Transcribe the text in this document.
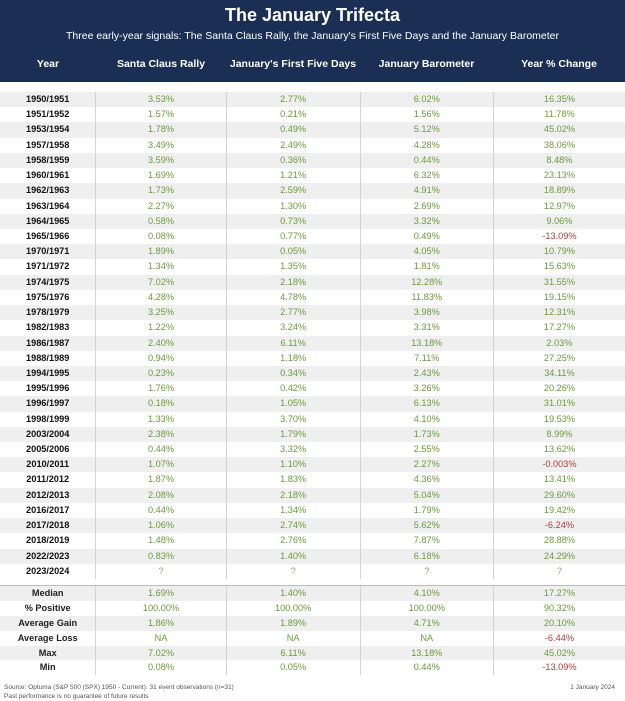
The January Trifecta
Three early-year signals: The Santa Claus Rally, the January's First Five Days and the January Barometer
Year	Santa Claus Rally	January's First Five Days	January Barometer	Year % Change
1950/1951	3.53%	2.77%	6.02%	16.35%
1951/1952	1.57%	0.21%	1.56%	11.78%
1953/1954	1.78%	0.49%	5.12%	45.02%
1957/1958	3.49%	2.49%	4.28%	38.06%
1958/1959	3.59%	0.36%	0.44%	8.48%
1960/1961	1.69%	1.21%	6.32%	23.13%
1962/1963	1.73%	2.59%	4.91%	18.89%
1963/1964	2.27%	1.30%	2.69%	12.97%
1964/1965	0.58%	0.73%	3.32%	9.06%
1965/1966	0.08%	0.77%	0.49%	-13.09%
1970/1971	1.89%	0.05%	4.05%	10.79%
1971/1972	1.34%	1.35%	1.81%	15.63%
1974/1975	7.02%	2.18%	12.28%	31.55%
1975/1976	4.28%	4.78%	11.83%	19.15%
1978/1979	3.25%	2.77%	3.98%	12.31%
1982/1983	1.22%	3.24%	3.31%	17.27%
1986/1987	2.40%	6.11%	13.18%	2.03%
1988/1989	0.94%	1.18%	7.11%	27.25%
1994/1995	0.23%	0.34%	2.43%	34.11%
1995/1996	1.76%	0.42%	3.26%	20.26%
1996/1997	0.18%	1.05%	6.13%	31.01%
1998/1999	1.33%	3.70%	4.10%	19.53%
2003/2004	2.38%	1.79%	1.73%	8.99%
2005/2006	0.44%	3.32%	2.55%	13.62%
2010/2011	1.07%	1.10%	2.27%	-0.003%
2011/2012	1.87%	1.83%	4.36%	13.41%
2012/2013	2.08%	2.18%	5.04%	29.60%
2016/2017	0.44%	1.34%	1.79%	19.42%
2017/2018	1.06%	2.74%	5.62%	-6.24%
2018/2019	1.48%	2.76%	7.87%	28.88%
2022/2023	0.83%	1.40%	6.18%	24.29%
2023/2024	?	?	?	?
Median	1.69%	1.40%	4.10%	17.27%
% Positive	100.00%	100.00%	100.00%	90.32%
Average Gain	1.86%	1.89%	4.71%	20.10%
Average Loss	NA	NA	NA	-6.44%
Max	7.02%	6.11%	13.18%	45.02%
Min	0.08%	0.05%	0.44%	-13.09%
Source: Optuma (S&P 500 (SPX) 1950 - Current). 31 event observations (n=31)
Past performance is no guarantee of future results
1 January 2024
